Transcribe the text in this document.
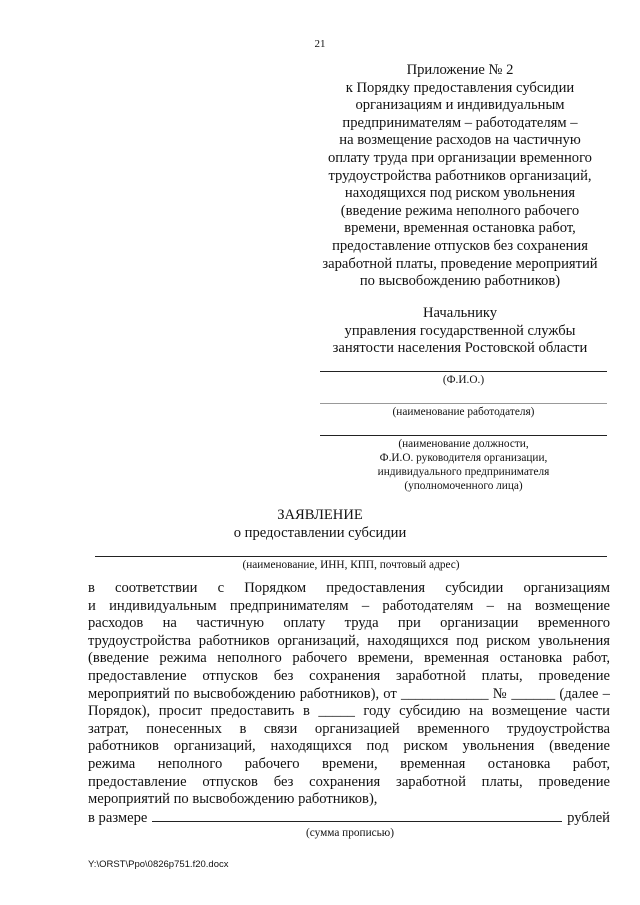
21
Приложение № 2
к Порядку предоставления субсидии
организациям и индивидуальным
предпринимателям – работодателям –
на возмещение расходов на частичную
оплату труда при организации временного
трудоустройства работников организаций,
находящихся под риском увольнения
(введение режима неполного рабочего
времени, временная остановка работ,
предоставление отпусков без сохранения
заработной платы, проведение мероприятий
по высвобождению работников)
Начальнику
управления государственной службы
занятости населения Ростовской области
(Ф.И.О.)
(наименование работодателя)
(наименование должности,
Ф.И.О. руководителя организации,
индивидуального предпринимателя
(уполномоченного лица)
ЗАЯВЛЕНИЕ
о предоставлении субсидии
(наименование, ИНН, КПП, почтовый адрес)
в соответствии с Порядком предоставления субсидии организациям
и индивидуальным предпринимателям – работодателям – на возмещение
расходов на частичную оплату труда при организации временного
трудоустройства работников организаций, находящихся под риском увольнения
(введение режима неполного рабочего времени, временная остановка работ,
предоставление отпусков без сохранения заработной платы, проведение
мероприятий по высвобождению работников), от ____________ № ______ (далее –
Порядок), просит предоставить в _____ году субсидию на возмещение части
затрат, понесенных в связи организацией временного трудоустройства
работников организаций, находящихся под риском увольнения (введение
режима неполного рабочего времени, временная остановка работ,
предоставление отпусков без сохранения заработной платы, проведение
мероприятий по высвобождению работников),
в размере	рублей
(сумма прописью)
Y:\ORST\Ppo\0826p751.f20.docx
